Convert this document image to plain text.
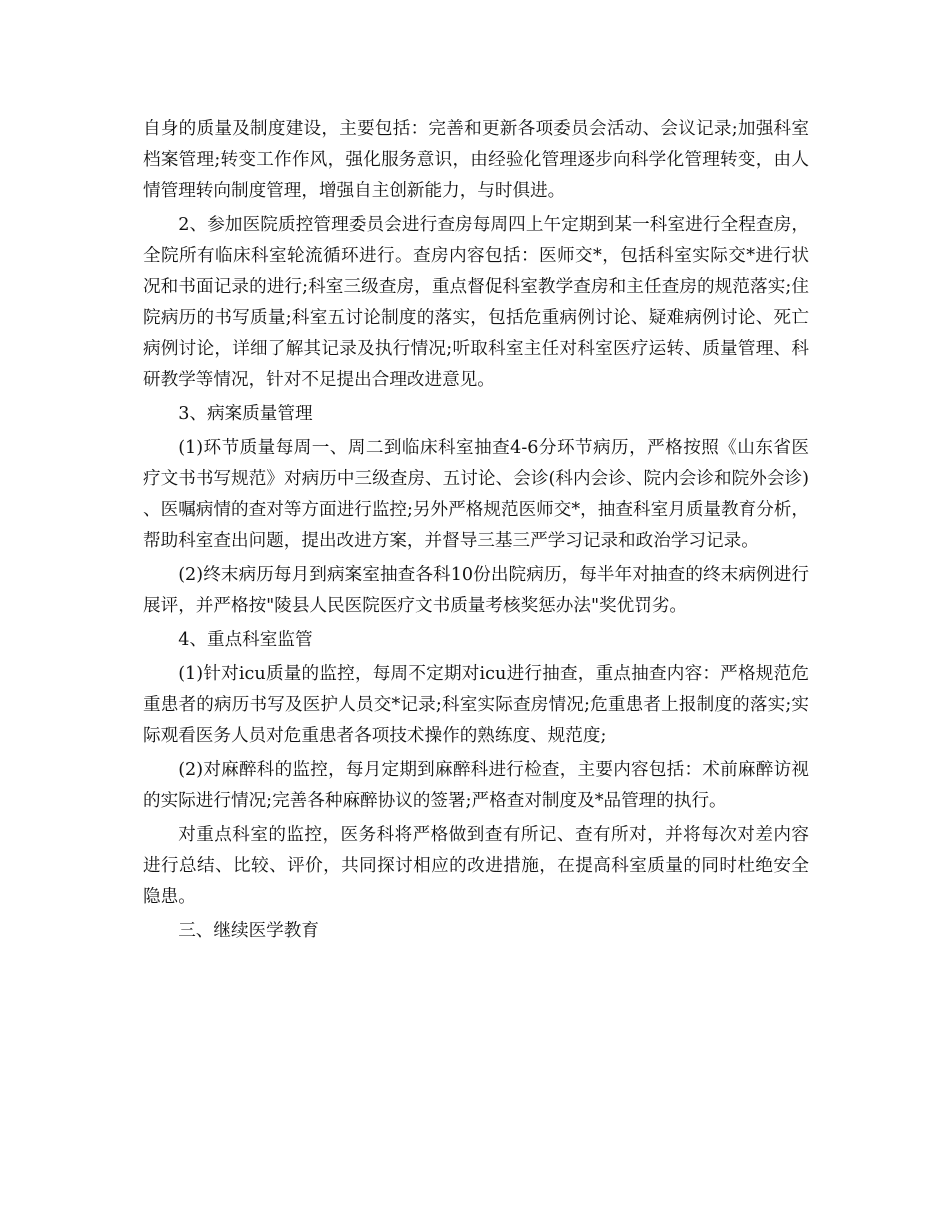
自身的质量及制度建设，主要包括：完善和更新各项委员会活动、会议记录;加强科室档案管理;转变工作作风，强化服务意识，由经验化管理逐步向科学化管理转变，由人情管理转向制度管理，增强自主创新能力，与时俱进。

2、参加医院质控管理委员会进行查房每周四上午定期到某一科室进行全程查房，全院所有临床科室轮流循环进行。查房内容包括：医师交*，包括科室实际交*进行状况和书面记录的进行;科室三级查房，重点督促科室教学查房和主任查房的规范落实;住院病历的书写质量;科室五讨论制度的落实，包括危重病例讨论、疑难病例讨论、死亡病例讨论，详细了解其记录及执行情况;听取科室主任对科室医疗运转、质量管理、科研教学等情况，针对不足提出合理改进意见。

3、病案质量管理

(1)环节质量每周一、周二到临床科室抽查4-6分环节病历，严格按照《山东省医疗文书书写规范》对病历中三级查房、五讨论、会诊(科内会诊、院内会诊和院外会诊)、医嘱病情的查对等方面进行监控;另外严格规范医师交*，抽查科室月质量教育分析，帮助科室查出问题，提出改进方案，并督导三基三严学习记录和政治学习记录。

(2)终末病历每月到病案室抽查各科10份出院病历，每半年对抽查的终末病例进行展评，并严格按"陵县人民医院医疗文书质量考核奖惩办法"奖优罚劣。

4、重点科室监管

(1)针对icu质量的监控，每周不定期对icu进行抽查，重点抽查内容：严格规范危重患者的病历书写及医护人员交*记录;科室实际查房情况;危重患者上报制度的落实;实际观看医务人员对危重患者各项技术操作的熟练度、规范度;

(2)对麻醉科的监控，每月定期到麻醉科进行检查，主要内容包括：术前麻醉访视的实际进行情况;完善各种麻醉协议的签署;严格查对制度及*品管理的执行。

对重点科室的监控，医务科将严格做到查有所记、查有所对，并将每次对差内容进行总结、比较、评价，共同探讨相应的改进措施，在提高科室质量的同时杜绝安全隐患。

三、继续医学教育
